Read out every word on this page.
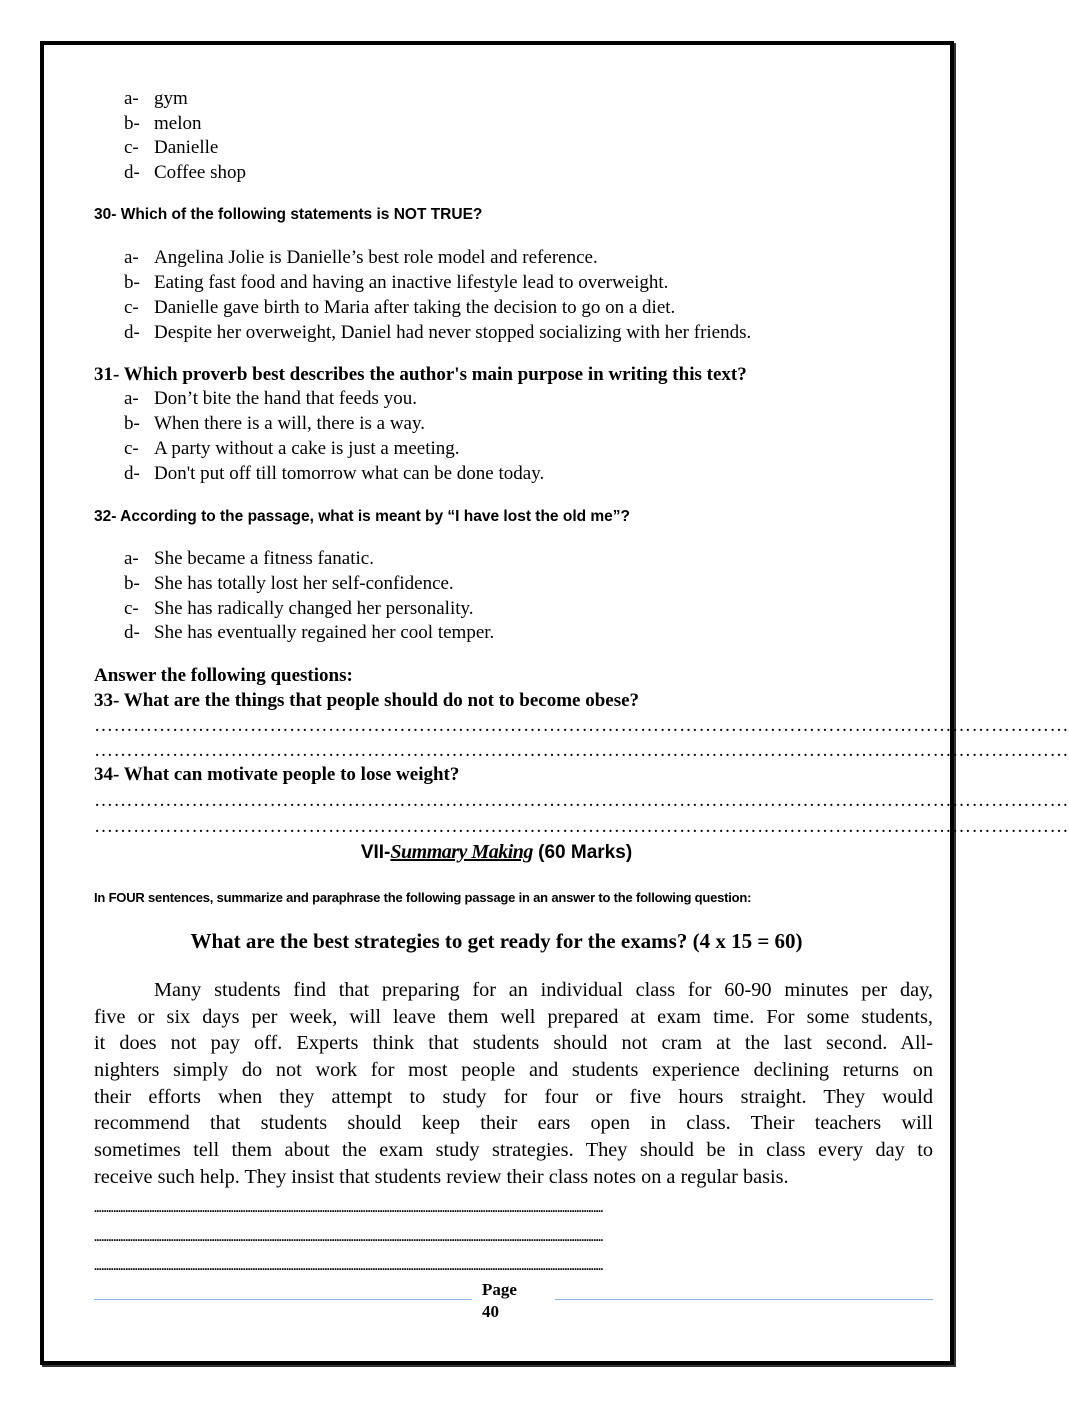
a- gym
b- melon
c- Danielle
d- Coffee shop
30- Which of the following statements is NOT TRUE?
a- Angelina Jolie is Danielle’s best role model and reference.
b- Eating fast food and having an inactive lifestyle lead to overweight.
c- Danielle gave birth to Maria after taking the decision to go on a diet.
d- Despite her overweight, Daniel had never stopped socializing with her friends.
31- Which proverb best describes the author's main purpose in writing this text?
a- Don’t bite the hand that feeds you.
b- When there is a will, there is a way.
c- A party without a cake is just a meeting.
d- Don't put off till tomorrow what can be done today.
32- According to the passage, what is meant by “I have lost the old me”?
a- She became a fitness fanatic.
b- She has totally lost her self-confidence.
c- She has radically changed her personality.
d- She has eventually regained her cool temper.
Answer the following questions:
33- What are the things that people should do not to become obese?
……………………………………………………………………………………………………………………………………
……………………………………………………………………………………………………………………………………
34- What can motivate people to lose weight?
……………………………………………………………………………………………………………………………………
……………………………………………………………………………………………………………………………………
VII-Summary Making (60 Marks)
In FOUR sentences, summarize and paraphrase the following passage in an answer to the following question:
What are the best strategies to get ready for the exams? (4 x 15 = 60)
Many students find that preparing for an individual class for 60-90 minutes per day,
five or six days per week, will leave them well prepared at exam time. For some students,
it does not pay off. Experts think that students should not cram at the last second. All-
nighters simply do not work for most people and students experience declining returns on
their efforts when they attempt to study for four or five hours straight. They would
recommend that students should keep their ears open in class. Their teachers will
sometimes tell them about the exam study strategies. They should be in class every day to
receive such help. They insist that students review their class notes on a regular basis.
....................................................................................................................................................................................................................
....................................................................................................................................................................................................................
....................................................................................................................................................................................................................
Page
40
